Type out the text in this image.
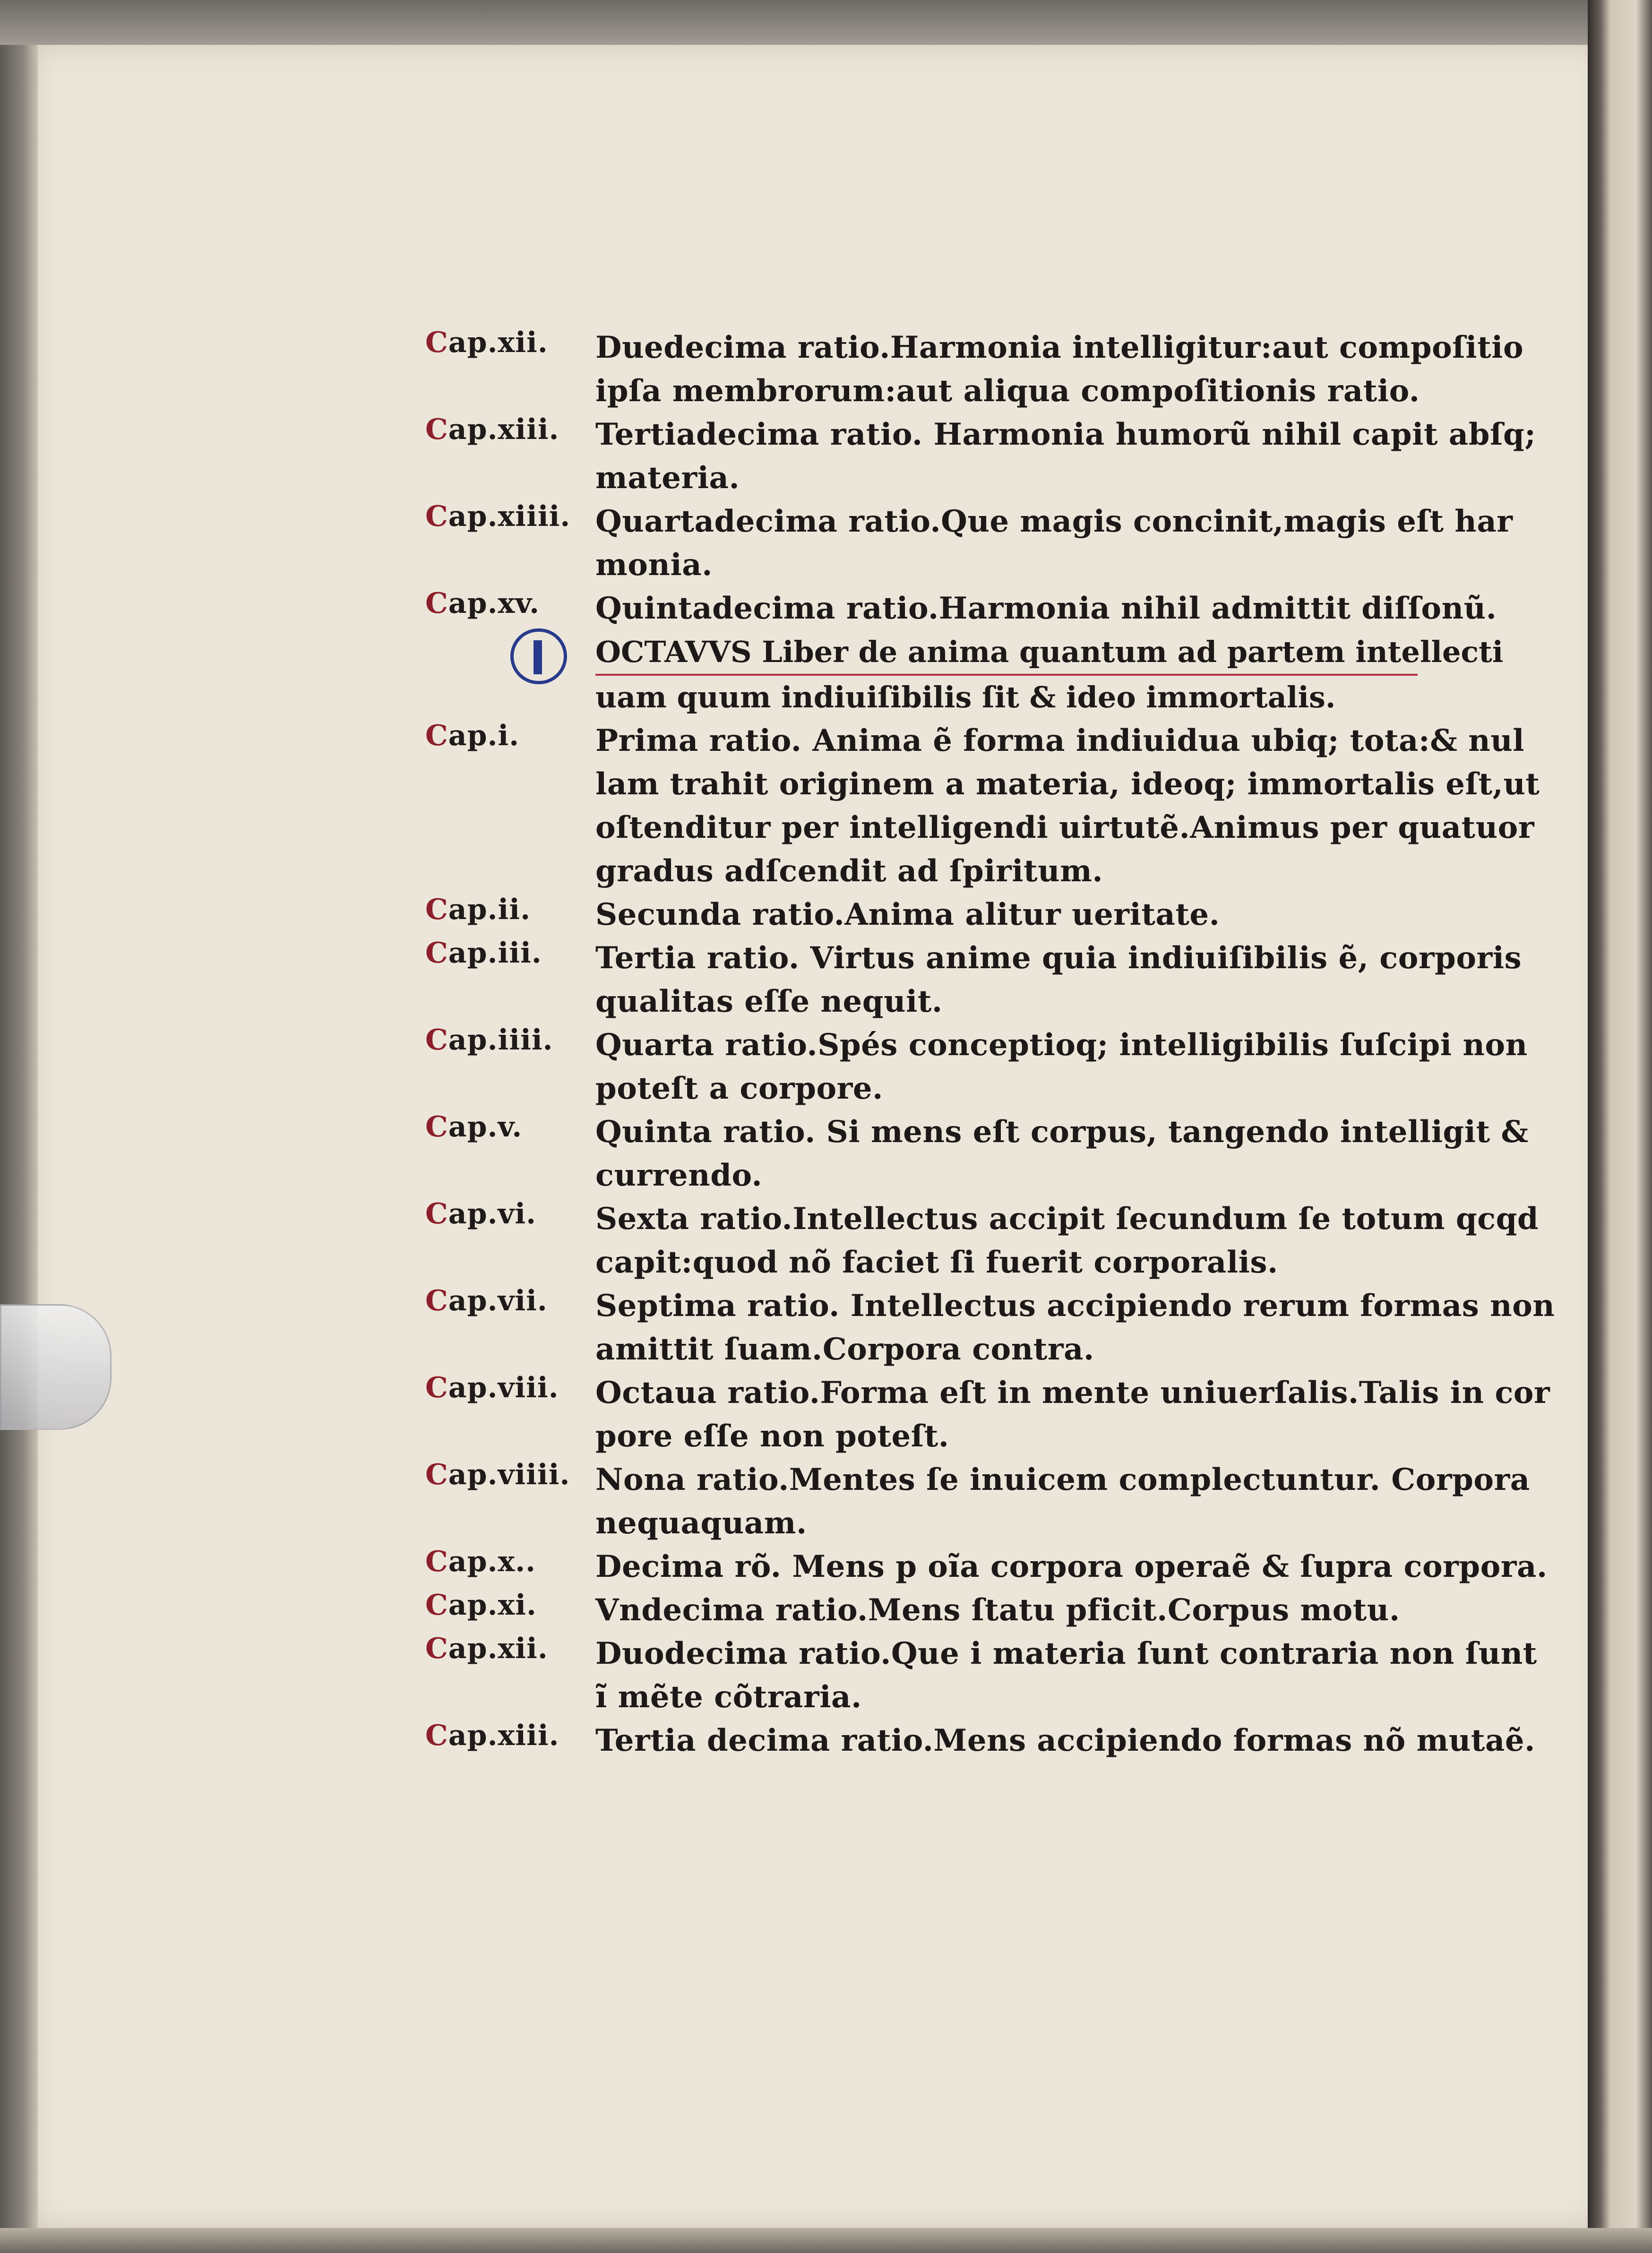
Cap.xii. Duedecima ratio.Harmonia intelligitur:aut compoſitio
ipſa membrorum:aut aliqua compoſitionis ratio.
Cap.xiii. Tertiadecima ratio. Harmonia humorũ nihil capit abſq;
materia.
Cap.xiiii. Quartadecima ratio.Que magis concinit,magis eſt har
monia.
Cap.xv. Quintadecima ratio.Harmonia nihil admittit diſſonũ.
OCTAVVS Liber de anima quantum ad partem intellecti
uam quum indiuiſibilis ſit & ideo immortalis.
Cap.i.	Prima ratio. Anima ẽ forma indiuidua ubiq; tota:& nul
lam trahit originem a materia, ideoq; immortalis eſt,ut
oſtenditur per intelligendi uirtutẽ.Animus per quatuor
gradus adſcendit ad ſpiritum.
Cap.ii. Secunda ratio.Anima alitur ueritate.
Cap.iii. Tertia ratio. Virtus anime quia indiuiſibilis ẽ, corporis
qualitas eſſe nequit.
Cap.iiii. Quarta ratio.Spés conceptioq; intelligibilis ſuſcipi non
poteſt a corpore.
Cap.v. Quinta ratio. Si mens eſt corpus, tangendo intelligit &
currendo.
Cap.vi. Sexta ratio.Intellectus accipit ſecundum ſe totum qcqd
capit:quod nõ faciet ſi fuerit corporalis.
Cap.vii. Septima ratio. Intellectus accipiendo rerum formas non
amittit ſuam.Corpora contra.
Cap.viii. Octaua ratio.Forma eſt in mente uniuerſalis.Talis in cor
pore eſſe non poteſt.
Cap.viiii. Nona ratio.Mentes ſe inuicem complectuntur. Corpora
nequaquam.
Cap.x.. Decima rõ. Mens p oĩa corpora operaẽ & ſupra corpora.
Cap.xi. Vndecima ratio.Mens ſtatu pficit.Corpus motu.
Cap.xii. Duodecima ratio.Que i materia ſunt contraria non ſunt
ĩ mẽte cõtraria.
Cap.xiii. Tertia decima ratio.Mens accipiendo formas nõ mutaẽ.
